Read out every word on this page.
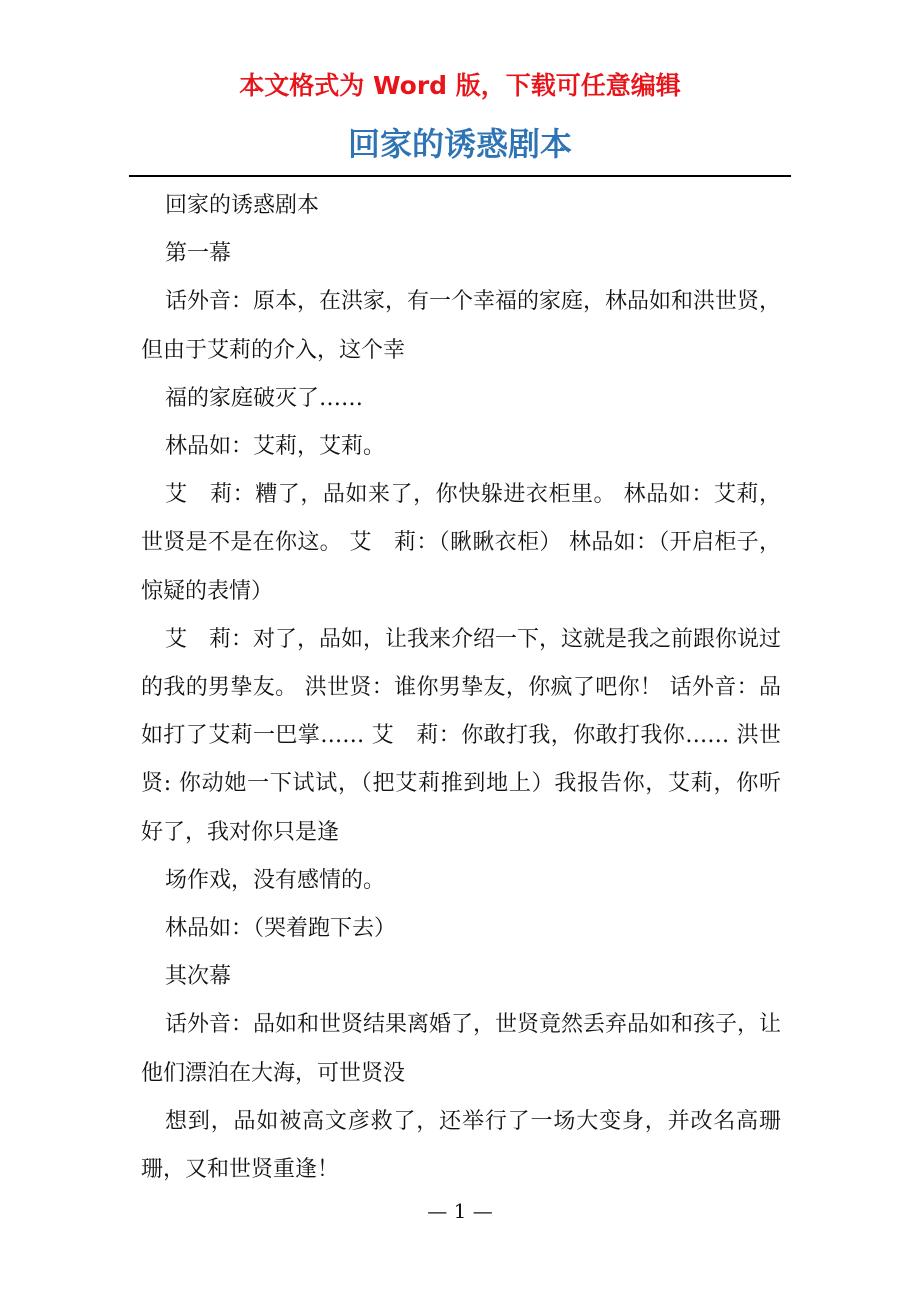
本文格式为 Word 版，下载可任意编辑
回家的诱惑剧本

回家的诱惑剧本

第一幕

话外音：原本，在洪家，有一个幸福的家庭，林品如和洪世贤，但由于艾莉的介入，这个幸

福的家庭破灭了……

林品如：艾莉，艾莉。

艾　莉：糟了，品如来了，你快躲进衣柜里。 林品如：艾莉，世贤是不是在你这。 艾　莉：（瞅瞅衣柜） 林品如：（开启柜子，惊疑的表情）

艾　莉：对了，品如，让我来介绍一下，这就是我之前跟你说过的我的男挚友。 洪世贤：谁你男挚友，你疯了吧你！ 话外音：品如打了艾莉一巴掌…… 艾　莉：你敢打我，你敢打我你…… 洪世贤: 你动她一下试试，（把艾莉推到地上）我报告你，艾莉，你听好了，我对你只是逢

场作戏，没有感情的。

林品如：（哭着跑下去）

其次幕

话外音：品如和世贤结果离婚了，世贤竟然丢弃品如和孩子，让他们漂泊在大海，可世贤没

想到，品如被高文彦救了，还举行了一场大变身，并改名高珊珊，又和世贤重逢！

— 1 —
